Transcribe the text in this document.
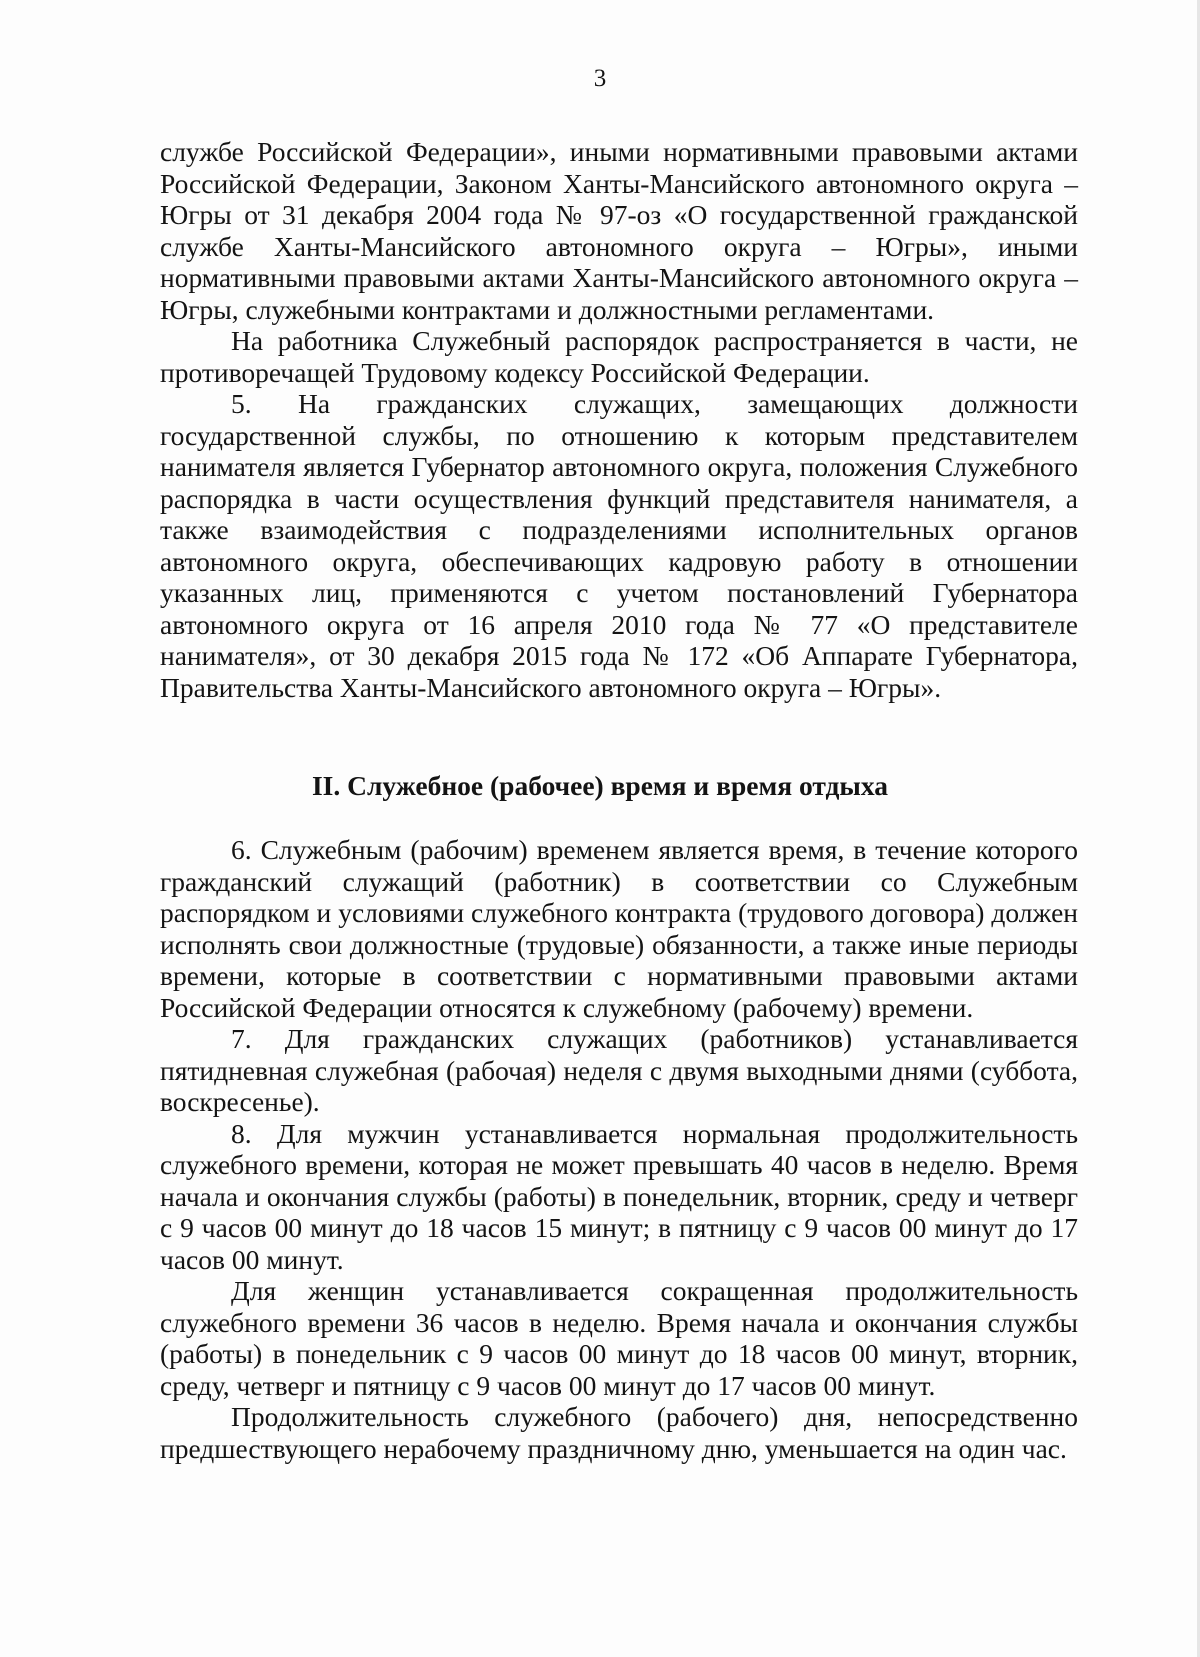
3

службе Российской Федерации», иными нормативными правовыми актами Российской Федерации, Законом Ханты-Мансийского автономного округа – Югры от 31 декабря 2004 года № 97-оз «О государственной гражданской службе Ханты-Мансийского автономного округа – Югры», иными нормативными правовыми актами Ханты-Мансийского автономного округа – Югры, служебными контрактами и должностными регламентами.

На работника Служебный распорядок распространяется в части, не противоречащей Трудовому кодексу Российской Федерации.

5. На гражданских служащих, замещающих должности государственной службы, по отношению к которым представителем нанимателя является Губернатор автономного округа, положения Служебного распорядка в части осуществления функций представителя нанимателя, а также взаимодействия с подразделениями исполнительных органов автономного округа, обеспечивающих кадровую работу в отношении указанных лиц, применяются с учетом постановлений Губернатора автономного округа от 16 апреля 2010 года № 77 «О представителе нанимателя», от 30 декабря 2015 года № 172 «Об Аппарате Губернатора, Правительства Ханты-Мансийского автономного округа – Югры».

II. Служебное (рабочее) время и время отдыха

6. Служебным (рабочим) временем является время, в течение которого гражданский служащий (работник) в соответствии со Служебным распорядком и условиями служебного контракта (трудового договора) должен исполнять свои должностные (трудовые) обязанности, а также иные периоды времени, которые в соответствии с нормативными правовыми актами Российской Федерации относятся к служебному (рабочему) времени.

7. Для гражданских служащих (работников) устанавливается пятидневная служебная (рабочая) неделя с двумя выходными днями (суббота, воскресенье).

8. Для мужчин устанавливается нормальная продолжительность служебного времени, которая не может превышать 40 часов в неделю. Время начала и окончания службы (работы) в понедельник, вторник, среду и четверг с 9 часов 00 минут до 18 часов 15 минут; в пятницу с 9 часов 00 минут до 17 часов 00 минут.

Для женщин устанавливается сокращенная продолжительность служебного времени 36 часов в неделю. Время начала и окончания службы (работы) в понедельник с 9 часов 00 минут до 18 часов 00 минут, вторник, среду, четверг и пятницу с 9 часов 00 минут до 17 часов 00 минут.

Продолжительность служебного (рабочего) дня, непосредственно предшествующего нерабочему праздничному дню, уменьшается на один час.
